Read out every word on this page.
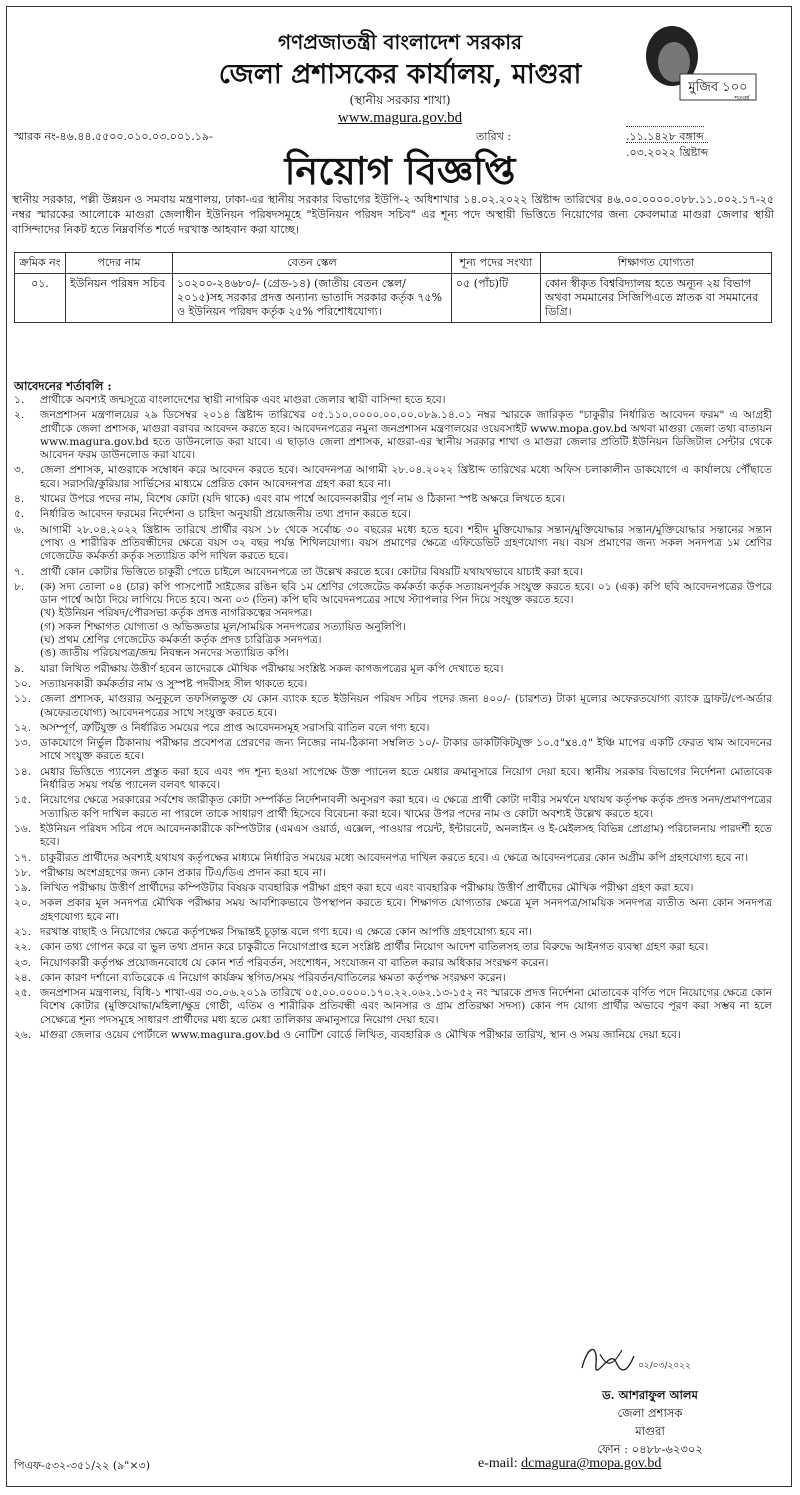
গণপ্রজাতন্ত্রী বাংলাদেশ সরকার
জেলা প্রশাসকের কার্যালয়, মাগুরা
(স্থানীয় সরকার শাখা)
www.magura.gov.bd
মুজিব ১০০
শতবর্ষ
স্মারক নং-৪৬.৪৪.৫৫০০.০১০.০৩.০০১.১৯-	তারিখ :	.১১.১৪২৮ বঙ্গাব্দ
.০৩.২০২২ খ্রিষ্টাব্দ
নিয়োগ বিজ্ঞপ্তি
স্থানীয় সরকার, পল্লী উন্নয়ন ও সমবায় মন্ত্রণালয়, ঢাকা-এর স্থানীয় সরকার বিভাগের ইউপি-২ অধিশাখার ১৪.০২.২০২২ খ্রিষ্টাব্দ তারিখের ৪৬.০০.০০০০.০৮৮.১১.০০২.১৭-২৫ নম্বর স্মারকের আলোকে মাগুরা জেলাধীন ইউনিয়ন পরিষদসমূহে "ইউনিয়ন পরিষদ সচিব" এর শূন্য পদে অস্থায়ী ভিত্তিতে নিয়োগের জন্য কেবলমাত্র মাগুরা জেলার স্থায়ী বাসিন্দাদের নিকট হতে নিম্নবর্ণিত শর্তে দরখাস্ত আহবান করা যাচ্ছে।
ক্রমিক নং	পদের নাম	বেতন স্কেল	শূন্য পদের সংখ্যা	শিক্ষাগত যোগ্যতা
০১.	ইউনিয়ন পরিষদ সচিব	১০২০০-২৪৬৮০/- (গ্রেড-১৪) (জাতীয় বেতন স্কেল/ ২০১৫)সহ সরকার প্রদত্ত অন্যান্য ভাতাদি সরকার কর্তৃক ৭৫% ও ইউনিয়ন পরিষদ কর্তৃক ২৫% পরিশোধযোগ্য।	০৫ (পাঁচ)টি	কোন স্বীকৃত বিশ্ববিদ্যালয় হতে অন্যূন ২য় বিভাগ অথবা সমমানের সিজিপিএতে স্নাতক বা সমমানের ডিগ্রি।
আবেদনের শর্তাবলি :
১.	প্রার্থীকে অবশ্যই জন্মসূত্রে বাংলাদেশের স্থায়ী নাগরিক এবং মাগুরা জেলার স্থায়ী বাসিন্দা হতে হবে।
২.	জনপ্রশাসন মন্ত্রণালয়ের ২৯ ডিসেম্বর ২০১৪ খ্রিষ্টাব্দ তারিখের ০৫.১১০.০০০০.০০.০০.০৮৯.১৪.০১ নম্বর স্মারকে জারিকৃত "চাকুরীর নির্ধারিত আবেদন ফরম" এ আগ্রহী প্রার্থীকে জেলা প্রশাসক, মাগুরা বরাবর আবেদন করতে হবে। আবেদনপত্রের নমুনা জনপ্রশাসন মন্ত্রণালয়ের ওয়েবসাইট www.mopa.gov.bd অথবা মাগুরা জেলা তথ্য বাতায়ন www.magura.gov.bd হতে ডাউনলোড করা যাবে। এ ছাড়াও জেলা প্রশাসক, মাগুরা-এর স্থানীয় সরকার শাখা ও মাগুরা জেলার প্রতিটি ইউনিয়ন ডিজিটাল সেন্টার থেকে আবেদন ফরম ডাউনলোড করা যাবে।
৩.	জেলা প্রশাসক, মাগুরাকে সম্বোধন করে আবেদন করতে হবে। আবেদনপত্র আগামী ২৮.০৪.২০২২ খ্রিষ্টাব্দ তারিখের মধ্যে অফিস চলাকালীন ডাকযোগে এ কার্যালয়ে পৌঁছাতে হবে। সরাসরি/কুরিয়ার সার্ভিসের মাধ্যমে প্রেরিত কোন আবেদনপত্র গ্রহণ করা হবে না।
৪.	খামের উপরে পদের নাম, বিশেষ কোটা (যদি থাকে) এবং বাম পার্শ্বে আবেদনকারীর পূর্ণ নাম ও ঠিকানা স্পষ্ট অক্ষরে লিখতে হবে।
৫.	নির্ধারিত আবেদন ফরমের নির্দেশনা ও চাহিদা অনুযায়ী প্রয়োজনীয় তথ্য প্রদান করতে হবে।
৬.	আগামী ২৮.০৪.২০২২ খ্রিষ্টাব্দ তারিখে প্রার্থীর বয়স ১৮ থেকে সর্বোচ্চ ৩০ বছরের মধ্যে হতে হবে। শহীদ মুক্তিযোদ্ধার সন্তান/মুক্তিযোদ্ধার সন্তান/মুক্তিযোদ্ধার সন্তানের সন্তান পোষ্য ও শারীরিক প্রতিবন্ধীদের ক্ষেত্রে বয়স ৩২ বছর পর্যন্ত শিথিলযোগ্য। বয়স প্রমাণের ক্ষেত্রে এফিডেভিট গ্রহণযোগ্য নয়। বয়স প্রমাণের জন্য সকল সনদপত্র ১ম শ্রেণির গেজেটেড কর্মকর্তা কর্তৃক সত্যায়িত কপি দাখিল করতে হবে।
৭.	প্রার্থী কোন কোটার ভিত্তিতে চাকুরী পেতে চাইলে আবেদনপত্রে তা উল্লেখ করতে হবে। কোটার বিষয়টি যথাযথভাবে যাচাই করা হবে।
৮.	(ক) সদ্য তোলা ০৪ (চার) কপি পাসপোর্ট সাইজের রঙিন ছবি ১ম শ্রেণির গেজেটেড কর্মকর্তা কর্তৃক সত্যায়নপূর্বক সংযুক্ত করতে হবে। ০১ (এক) কপি ছবি আবেদনপত্রের উপরে ডান পার্শ্বে আঠা দিয়ে লাগিয়ে দিতে হবে। অন্য ০৩ (তিন) কপি ছবি আবেদনপত্রের সাথে স্ট্যাপলার পিন দিয়ে সংযুক্ত করতে হবে।
(খ) ইউনিয়ন পরিষদ/পৌরসভা কর্তৃক প্রদত্ত নাগরিকত্বের সনদপত্র।
(গ) সকল শিক্ষাগত যোগ্যতা ও অভিজ্ঞতার মূল/সাময়িক সনদপত্রের সত্যায়িত অনুলিপি।
(ঘ) প্রথম শ্রেণির গেজেটেড কর্মকর্তা কর্তৃক প্রদত্ত চারিত্রিক সনদপত্র।
(ঙ) জাতীয় পরিচয়পত্র/জন্ম নিবন্ধন সনদের সত্যায়িত কপি।
৯.	যারা লিখিত পরীক্ষায় উত্তীর্ণ হবেন তাদেরকে মৌখিক পরীক্ষায় সংশ্লিষ্ট সকল কাগজপত্রের মূল কপি দেখাতে হবে।
১০. সত্যায়নকারী কর্মকর্তার নাম ও সুস্পষ্ট পদবীসহ সীল থাকতে হবে।
১১. জেলা প্রশাসক, মাগুরার অনুকূলে তফসিলভুক্ত যে কোন ব্যাংক হতে ইউনিয়ন পরিষদ সচিব পদের জন্য ৪০০/- (চারশত) টাকা মূল্যের অফেরতযোগ্য ব্যাংক ড্রাফট/পে-অর্ডার (অফেরতযোগ্য) আবেদনপত্রের সাথে সংযুক্ত করতে হবে।
১২. অসম্পূর্ণ, ত্রুটিযুক্ত ও নির্ধারিত সময়ের পরে প্রাপ্ত আবেদনসমূহ সরাসরি বাতিল বলে গণ্য হবে।
১৩. ডাকযোগে নির্ভুল ঠিকানায় পরীক্ষার প্রবেশপত্র প্রেরণের জন্য নিজের নাম-ঠিকানা সম্বলিত ১০/- টাকার ডাকটিকিটযুক্ত ১০.৫"x৪.৫" ইঞ্চি মাপের একটি ফেরত খাম আবেদনের সাথে সংযুক্ত করতে হবে।
১৪. মেধার ভিত্তিতে প্যানেল প্রস্তুত করা হবে এবং পদ শূন্য হওয়া সাপেক্ষে উক্ত প্যানেল হতে মেধার ক্রমানুসারে নিয়োগ দেয়া হবে। স্থানীয় সরকার বিভাগের নির্দেশনা মোতাবেক নির্ধারিত সময় পর্যন্ত প্যানেল বলবৎ থাকবে।
১৫. নিয়োগের ক্ষেত্রে সরকারের সর্বশেষ জারীকৃত কোটা সম্পর্কিত নির্দেশনাবলী অনুসরণ করা হবে। এ ক্ষেত্রে প্রার্থী কোটা দাবীর সমর্থনে যথাযথ কর্তৃপক্ষ কর্তৃক প্রদত্ত সনদ/প্রমাণপত্রের সত্যায়িত কপি দাখিল করতে না পারলে তাকে সাধারণ প্রার্থী হিসেবে বিবেচনা করা হবে। খামের উপর পদের নাম ও কোটা অবশ্যই উল্লেখ করতে হবে।
১৬. ইউনিয়ন পরিষদ সচিব পদে আবেদনকারীকে কম্পিউটার (এমএস ওয়ার্ড, এক্সেল, পাওয়ার পয়েন্ট, ইন্টারনেট, অনলাইন ও ই-মেইলসহ বিভিন্ন প্রোগ্রাম) পরিচালনায় পারদর্শী হতে হবে।
১৭. চাকুরীরত প্রার্থীদের অবশ্যই যথাযথ কর্তৃপক্ষের মাধ্যমে নির্ধারিত সময়ের মধ্যে আবেদনপত্র দাখিল করতে হবে। এ ক্ষেত্রে আবেদনপত্রের কোন অগ্রীম কপি গ্রহণযোগ্য হবে না।
১৮. পরীক্ষায় অংশগ্রহণের জন্য কোন প্রকার টিএ/ডিএ প্রদান করা হবে না।
১৯. লিখিত পরীক্ষায় উত্তীর্ণ প্রার্থীদের কম্পিউটার বিষয়ক ব্যবহারিক পরীক্ষা গ্রহণ করা হবে এবং ব্যবহারিক পরীক্ষায় উত্তীর্ণ প্রার্থীদের মৌখিক পরীক্ষা গ্রহণ করা হবে।
২০. সকল প্রকার মূল সনদপত্র মৌখিক পরীক্ষার সময় আবশ্যিকভাবে উপস্থাপন করতে হবে। শিক্ষাগত যোগ্যতার ক্ষেত্রে মূল সনদপত্র/সাময়িক সনদপত্র ব্যতীত অন্য কোন সনদপত্র গ্রহণযোগ্য হবে না।
২১. দরখাস্ত বাছাই ও নিয়োগের ক্ষেত্রে কর্তৃপক্ষের সিদ্ধান্তই চূড়ান্ত বলে গণ্য হবে। এ ক্ষেত্রে কোন আপত্তি গ্রহণযোগ্য হবে না।
২২. কোন তথ্য গোপন করে বা ভুল তথ্য প্রদান করে চাকুরীতে নিয়োগপ্রাপ্ত হলে সংশ্লিষ্ট প্রার্থীর নিয়োগ আদেশ বাতিলসহ তার বিরুদ্ধে আইনগত ব্যবস্থা গ্রহণ করা হবে।
২৩. নিয়োগকারী কর্তৃপক্ষ প্রয়োজনবোধে যে কোন শর্ত পরিবর্তন, সংশোধন, সংযোজন বা বাতিল করার অধিকার সংরক্ষণ করেন।
২৪. কোন কারণ দর্শানো ব্যতিরেকে এ নিয়োগ কার্যক্রম স্থগিত/সময় পরিবর্তন/বাতিলের ক্ষমতা কর্তৃপক্ষ সংরক্ষণ করেন।
২৫. জনপ্রশাসন মন্ত্রণালয়, বিধি-১ শাখা-এর ৩০.০৬.২০১৯ তারিখে ০৫.০০.০০০০.১৭০.২২.০৬২.১৩-১৫২ নং স্মারকে প্রদত্ত নির্দেশনা মোতাবেক বর্ণিত পদে নিয়োগের ক্ষেত্রে কোন বিশেষ কোটার (মুক্তিযোদ্ধা/মহিলা/ক্ষুদ্র গোষ্ঠী, এতিম ও শারীরিক প্রতিবন্ধী এবং আনসার ও গ্রাম প্রতিরক্ষা সদস্য) কোন পদ যোগ্য প্রার্থীর অভাবে পূরণ করা সম্ভব না হলে সেক্ষেত্রে শূন্য পদসমূহে সাধারণ প্রার্থীদের মধ্য হতে মেধা তালিকার ক্রমানুসারে নিয়োগ দেয়া হবে।
২৬. মাগুরা জেলার ওয়েব পোর্টালে www.magura.gov.bd ও নোটিশ বোর্ডে লিখিত, ব্যবহারিক ও মৌখিক পরীক্ষার তারিখ, স্থান ও সময় জানিয়ে দেয়া হবে।
০২/০৩/২০২২
ড. আশরাফুল আলম
জেলা প্রশাসক
মাগুরা
ফোন : ০৪৮৮-৬২৩০২
e-mail: dcmagura@mopa.gov.bd
পিএফ-৫৩২-৩৫১/২২ (৯"×৩)
